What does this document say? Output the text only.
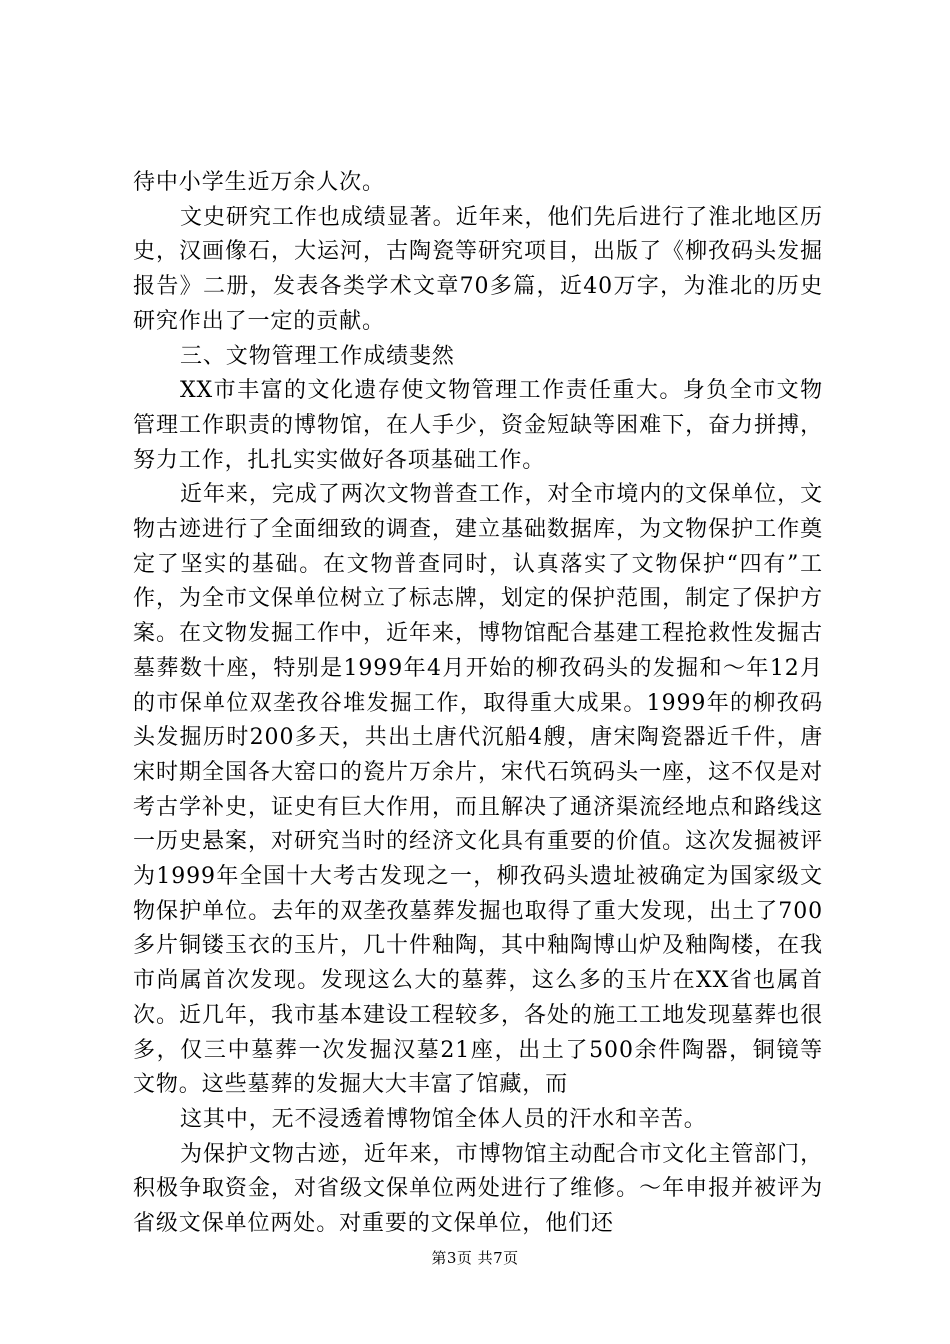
待中小学生近万余人次。

文史研究工作也成绩显著。近年来，他们先后进行了淮北地区历史，汉画像石，大运河，古陶瓷等研究项目，出版了《柳孜码头发掘报告》二册，发表各类学术文章70多篇，近40万字，为淮北的历史研究作出了一定的贡献。

三、文物管理工作成绩斐然

XX市丰富的文化遗存使文物管理工作责任重大。身负全市文物管理工作职责的博物馆，在人手少，资金短缺等困难下，奋力拼搏，努力工作，扎扎实实做好各项基础工作。

近年来，完成了两次文物普查工作，对全市境内的文保单位，文物古迹进行了全面细致的调查，建立基础数据库，为文物保护工作奠定了坚实的基础。在文物普查同时，认真落实了文物保护“四有”工作，为全市文保单位树立了标志牌，划定的保护范围，制定了保护方案。在文物发掘工作中，近年来，博物馆配合基建工程抢救性发掘古墓葬数十座，特别是1999年4月开始的柳孜码头的发掘和～年12月的市保单位双垄孜谷堆发掘工作，取得重大成果。1999年的柳孜码头发掘历时200多天，共出土唐代沉船4艘，唐宋陶瓷器近千件，唐宋时期全国各大窑口的瓷片万余片，宋代石筑码头一座，这不仅是对考古学补史，证史有巨大作用，而且解决了通济渠流经地点和路线这一历史悬案，对研究当时的经济文化具有重要的价值。这次发掘被评为1999年全国十大考古发现之一，柳孜码头遗址被确定为国家级文物保护单位。去年的双垄孜墓葬发掘也取得了重大发现，出土了700多片铜镂玉衣的玉片，几十件釉陶，其中釉陶博山炉及釉陶楼，在我市尚属首次发现。发现这么大的墓葬，这么多的玉片在XX省也属首次。近几年，我市基本建设工程较多，各处的施工工地发现墓葬也很多，仅三中墓葬一次发掘汉墓21座，出土了500余件陶器，铜镜等文物。这些墓葬的发掘大大丰富了馆藏，而

这其中，无不浸透着博物馆全体人员的汗水和辛苦。

为保护文物古迹，近年来，市博物馆主动配合市文化主管部门，积极争取资金，对省级文保单位两处进行了维修。～年申报并被评为省级文保单位两处。对重要的文保单位，他们还

第3页 共7页
